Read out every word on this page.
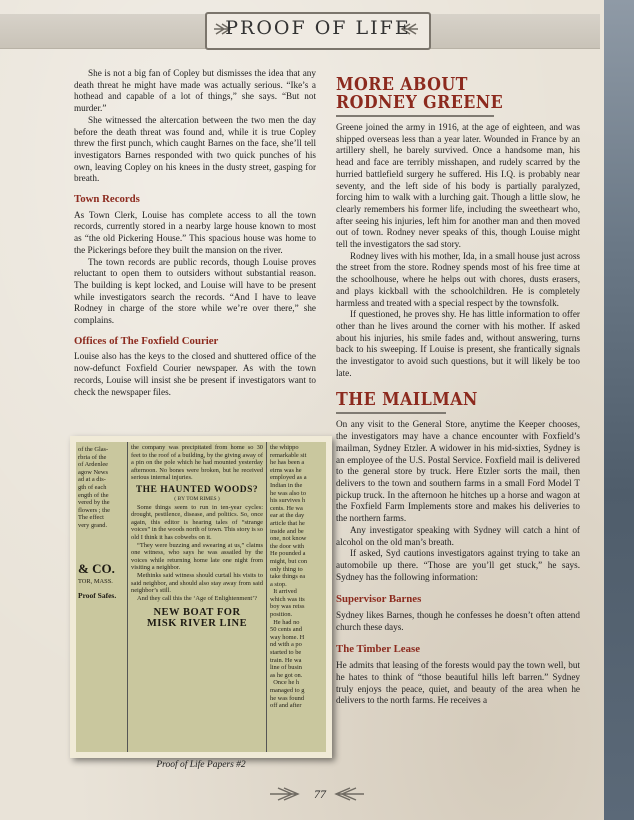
PROOF OF LIFE

She is not a big fan of Copley but dismisses the idea that any death threat he might have made was actually serious. “Ike’s a hothead and capable of a lot of things,” she says. “But not murder.”

She witnessed the altercation between the two men the day before the death threat was found and, while it is true Copley threw the first punch, which caught Barnes on the face, she’ll tell investigators Barnes responded with two quick punches of his own, leaving Copley on his knees in the dusty street, gasping for breath.

Town Records

As Town Clerk, Louise has complete access to all the town records, currently stored in a nearby large house known to most as “the old Pickering House.” This spacious house was home to the Pickerings before they built the mansion on the river.

The town records are public records, though Louise proves reluctant to open them to outsiders without substantial reason. The building is kept locked, and Louise will have to be present while investigators search the records. “And I have to leave Rodney in charge of the store while we’re over there,” she complains.

Offices of The Foxfield Courier

Louise also has the keys to the closed and shuttered office of the now-defunct Foxfield Courier newspaper. As with the town records, Louise will insist she be present if investigators want to check the newspaper files.

of the Glas-
rbria of the
of Ardenlee
agow News
ad at a dis-
gth of each
ength of the
vered by the
flowers ; the
The effect
very grand.
& CO.
TOR, MASS.
Proof Safes.
the company was precipitated from home so 30 feet to the roof of a building, by the giving away of a pin on the pole which he had mounted yesterday afternoon. No bones were broken, but he received serious internal injuries.
THE HAUNTED WOODS?
( BY TOM RIMES )
Some things seem to run in ten-year cycles: drought, pestilence, disease, and politics. So, once again, this editor is hearing tales of “strange voices” in the woods north of town. This story is so old I think it has cobwebs on it.
“They were buzzing and swearing at us,” claims one witness, who says he was assailed by the voices while returning home late one night from visiting a neighbor.
Methinks said witness should curtail his visits to said neighbor, and should also stay away from said neighbor’s still.
And they call this the ‘Age of Enlightenment’?
NEW BOAT FOR
MISK RIVER LINE
the whippo
remarkable sit
he has been a
eirns was he
employed as a
Indian in the
he was also to
his survives h
cents. He wa
ear at the day
article that he
inside and be
one, not know
the door with
He pounded a
might, but con
only thing to
take things ea
a stop.
It arrived
which was its
boy was reiss
position.
He had no
50 cents and
way home. H
nd with a po
started to be
train. He wa
line of busin
as he got on.
Once he h
managed to g
he was found
off and after
Proof of Life Papers #2
MORE ABOUT
RODNEY GREENE

Greene joined the army in 1916, at the age of eighteen, and was shipped overseas less than a year later. Wounded in France by an artillery shell, he barely survived. Once a handsome man, his head and face are terribly misshapen, and rudely scarred by the hurried battlefield surgery he suffered. His I.Q. is probably near seventy, and the left side of his body is partially paralyzed, forcing him to walk with a lurching gait. Though a little slow, he clearly remembers his former life, including the sweetheart who, after seeing his injuries, left him for another man and then moved out of town. Rodney never speaks of this, though Louise might tell the investigators the sad story.

Rodney lives with his mother, Ida, in a small house just across the street from the store. Rodney spends most of his free time at the schoolhouse, where he helps out with chores, dusts erasers, and plays kickball with the schoolchildren. He is completely harmless and treated with a special respect by the townsfolk.

If questioned, he proves shy. He has little information to offer other than he lives around the corner with his mother. If asked about his injuries, his smile fades and, without answering, turns back to his sweeping. If Louise is present, she frantically signals the investigator to avoid such questions, but it will likely be too late.

THE MAILMAN

On any visit to the General Store, anytime the Keeper chooses, the investigators may have a chance encounter with Foxfield’s mailman, Sydney Etzler. A widower in his mid-sixties, Sydney is an employee of the U.S. Postal Service. Foxfield mail is delivered to the general store by truck. Here Etzler sorts the mail, then delivers to the town and southern farms in a small Ford Model T pickup truck. In the afternoon he hitches up a horse and wagon at the Foxfield Farm Implements store and makes his deliveries to the northern farms.

Any investigator speaking with Sydney will catch a hint of alcohol on the old man’s breath.

If asked, Syd cautions investigators against trying to take an automobile up there. “Those are you’ll get stuck,” he says. Sydney has the following information:

Supervisor Barnes

Sydney likes Barnes, though he confesses he doesn’t often attend church these days.

The Timber Lease

He admits that leasing of the forests would pay the town well, but he hates to think of “those beautiful hills left barren.” Sydney truly enjoys the peace, quiet, and beauty of the area when he delivers to the north farms. He receives a

77
